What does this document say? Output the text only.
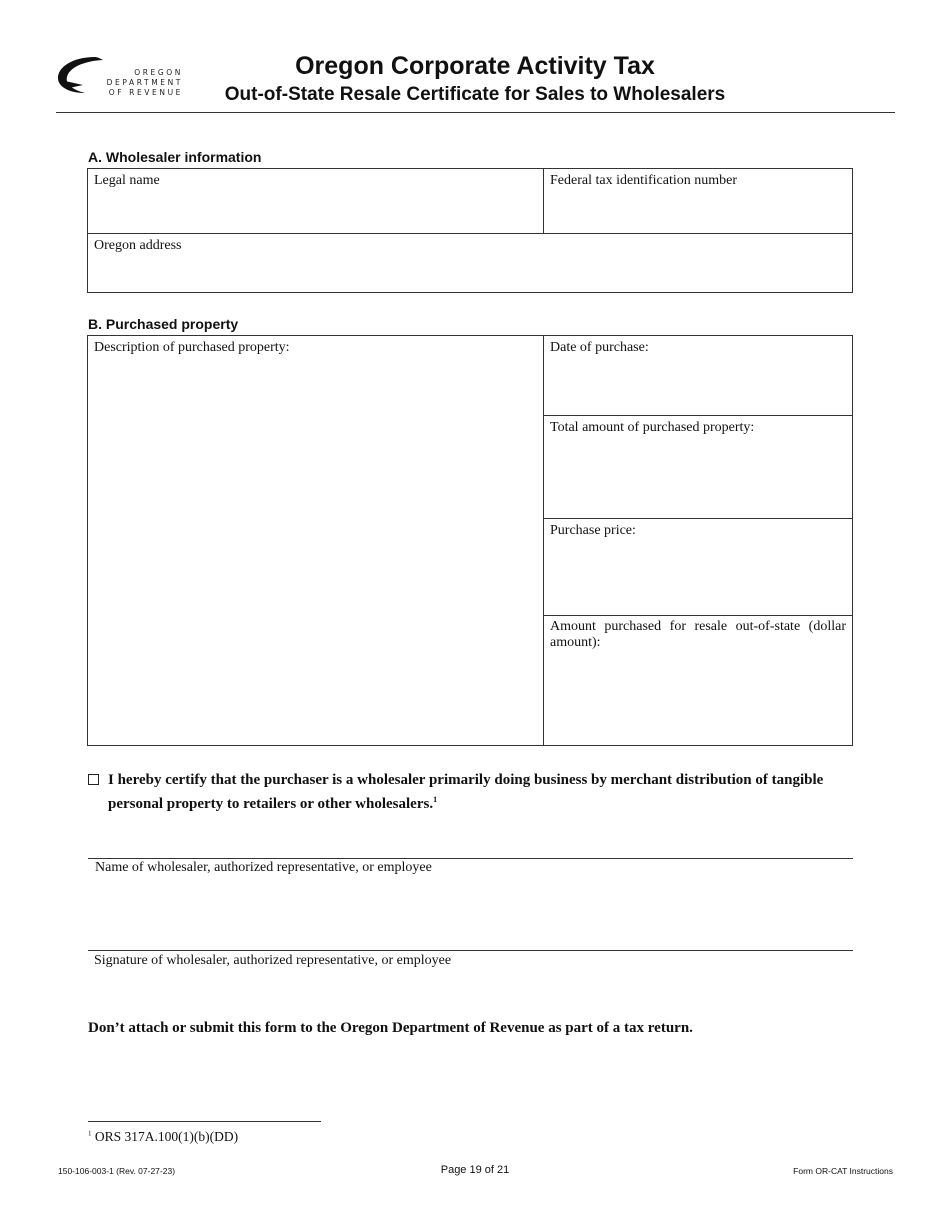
OREGON
DEPARTMENT
OF REVENUE
Oregon Corporate Activity Tax
Out-of-State Resale Certificate for Sales to Wholesalers
A. Wholesaler information
Legal name	Federal tax identification number
Oregon address
B. Purchased property
Description of purchased property:	Date of purchase:
Total amount of purchased property:
Purchase price:
Amount purchased for resale out-of-state (dollar amount):
I hereby certify that the purchaser is a wholesaler primarily doing business by merchant distribution of tangible personal property to retailers or other wholesalers.$^1$
Name of wholesaler, authorized representative, or employee
Signature of wholesaler, authorized representative, or employee
Don’t attach or submit this form to the Oregon Department of Revenue as part of a tax return.
$^1$ ORS 317A.100(1)(b)(DD)
150-106-003-1 (Rev. 07-27-23)	Page 19 of 21	Form OR-CAT Instructions
